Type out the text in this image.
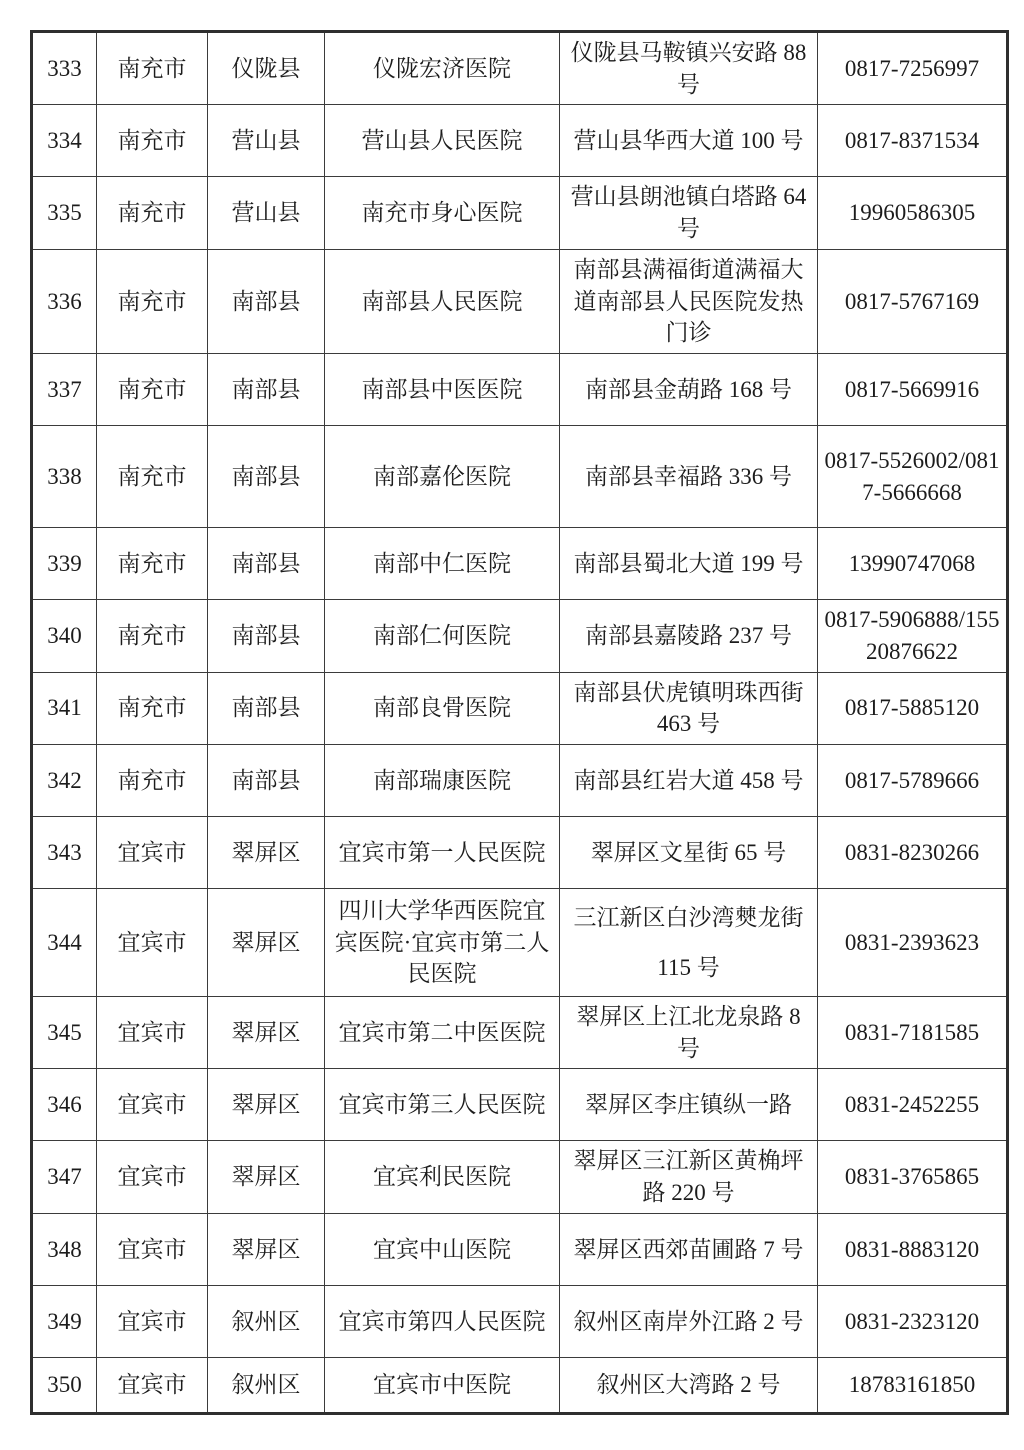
333	南充市	仪陇县	仪陇宏济医院	仪陇县马鞍镇兴安路 88 号	0817-7256997
334	南充市	营山县	营山县人民医院	营山县华西大道 100 号	0817-8371534
335	南充市	营山县	南充市身心医院	营山县朗池镇白塔路 64 号	19960586305
336	南充市	南部县	南部县人民医院	南部县满福街道满福大道南部县人民医院发热门诊	0817-5767169
337	南充市	南部县	南部县中医医院	南部县金葫路 168 号	0817-5669916
338	南充市	南部县	南部嘉伦医院	南部县幸福路 336 号	0817-5526002/0817-5666668
339	南充市	南部县	南部中仁医院	南部县蜀北大道 199 号	13990747068
340	南充市	南部县	南部仁何医院	南部县嘉陵路 237 号	0817-5906888/15520876622
341	南充市	南部县	南部良骨医院	南部县伏虎镇明珠西街 463 号	0817-5885120
342	南充市	南部县	南部瑞康医院	南部县红岩大道 458 号	0817-5789666
343	宜宾市	翠屏区	宜宾市第一人民医院	翠屏区文星街 65 号	0831-8230266
344	宜宾市	翠屏区	四川大学华西医院宜宾医院·宜宾市第二人民医院	三江新区白沙湾僰龙街 115 号	0831-2393623
345	宜宾市	翠屏区	宜宾市第二中医医院	翠屏区上江北龙泉路 8 号	0831-7181585
346	宜宾市	翠屏区	宜宾市第三人民医院	翠屏区李庄镇纵一路	0831-2452255
347	宜宾市	翠屏区	宜宾利民医院	翠屏区三江新区黄桷坪路 220 号	0831-3765865
348	宜宾市	翠屏区	宜宾中山医院	翠屏区西郊苗圃路 7 号	0831-8883120
349	宜宾市	叙州区	宜宾市第四人民医院	叙州区南岸外江路 2 号	0831-2323120
350	宜宾市	叙州区	宜宾市中医院	叙州区大湾路 2 号	18783161850
